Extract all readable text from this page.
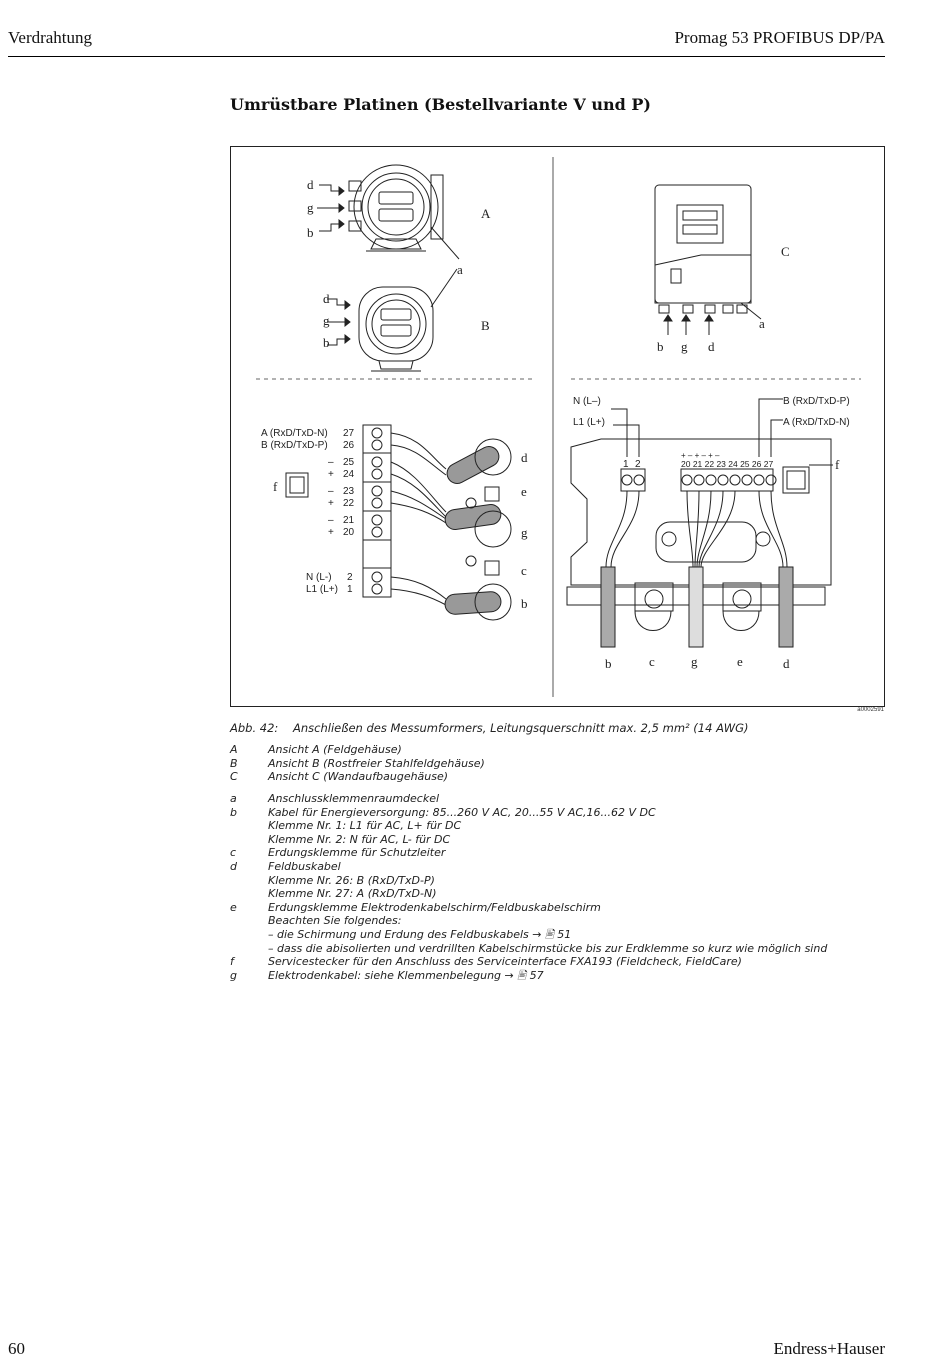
Verdrahtung	Promag 53 PROFIBUS DP/PA
Umrüstbare Platinen (Bestellvariante V und P)
d
g
b
A
a
d
g
b
B
C
a
b g d
A (RxD/TxD-N)
B (RxD/TxD-P)
27
26
– 25
+ 24
– 23
+ 22
– 21
+ 20
N (L-) 2
L1 (L+) 1
f
d
e
g
c
b
N (L–)
L1 (L+)
B (RxD/TxD-P)
A (RxD/TxD-N)
1 2
+ – + – + –
20 21 22 23 24 25 26 27	f
b	c	g	e	d
a0002591
Abb. 42: Anschließen des Messumformers, Leitungsquerschnitt max. 2,5 mm² (14 AWG)
A	Ansicht A (Feldgehäuse)
B	Ansicht B (Rostfreier Stahlfeldgehäuse)
C	Ansicht C (Wandaufbaugehäuse)
a	Anschlussklemmenraumdeckel
b	Kabel für Energieversorgung: 85...260 V AC, 20...55 V AC,16...62 V DC
Klemme Nr. 1: L1 für AC, L+ für DC
Klemme Nr. 2: N für AC, L- für DC
c	Erdungsklemme für Schutzleiter
d	Feldbuskabel
Klemme Nr. 26: B (RxD/TxD-P)
Klemme Nr. 27: A (RxD/TxD-N)
e	Erdungsklemme Elektrodenkabelschirm/Feldbuskabelschirm
Beachten Sie folgendes:
– die Schirmung und Erdung des Feldbuskabels → 🖹 51
– dass die abisolierten und verdrillten Kabelschirmstücke bis zur Erdklemme so kurz wie möglich sind
f	Servicestecker für den Anschluss des Serviceinterface FXA193 (Fieldcheck, FieldCare)
g	Elektrodenkabel: siehe Klemmenbelegung → 🖹 57
60	Endress+Hauser
